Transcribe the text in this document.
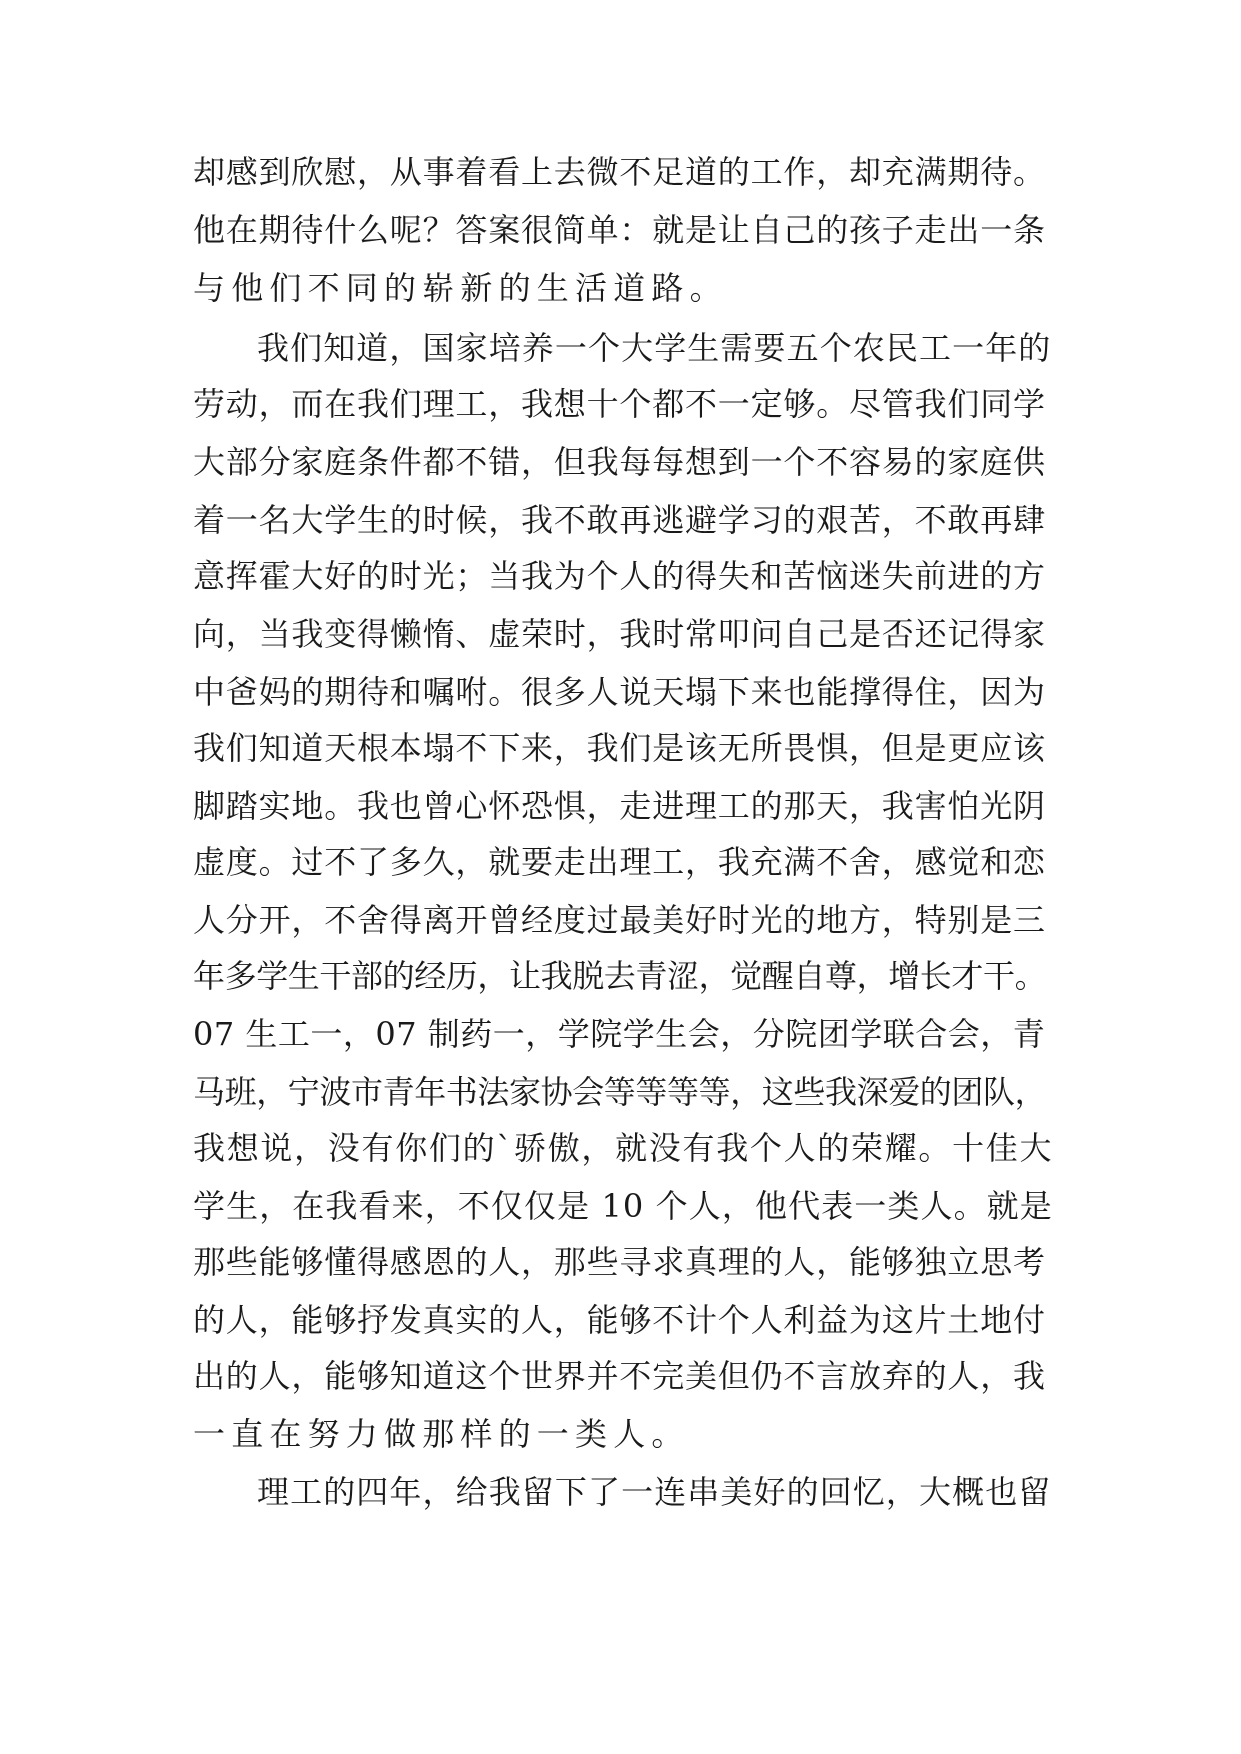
却感到欣慰，从事着看上去微不足道的工作，却充满期待。
他在期待什么呢？答案很简单：就是让自己的孩子走出一条
与他们不同的崭新的生活道路。
我们知道，国家培养一个大学生需要五个农民工一年的
劳动，而在我们理工，我想十个都不一定够。尽管我们同学
大部分家庭条件都不错，但我每每想到一个不容易的家庭供
着一名大学生的时候，我不敢再逃避学习的艰苦，不敢再肆
意挥霍大好的时光；当我为个人的得失和苦恼迷失前进的方
向，当我变得懒惰、虚荣时，我时常叩问自己是否还记得家
中爸妈的期待和嘱咐。很多人说天塌下来也能撑得住，因为
我们知道天根本塌不下来，我们是该无所畏惧，但是更应该
脚踏实地。我也曾心怀恐惧，走进理工的那天，我害怕光阴
虚度。过不了多久，就要走出理工，我充满不舍，感觉和恋
人分开，不舍得离开曾经度过最美好时光的地方，特别是三
年多学生干部的经历，让我脱去青涩，觉醒自尊，增长才干。
07 生工一，07 制药一，学院学生会，分院团学联合会，青
马班，宁波市青年书法家协会等等等等，这些我深爱的团队，
我想说，没有你们的`骄傲，就没有我个人的荣耀。十佳大
学生，在我看来，不仅仅是 10 个人，他代表一类人。就是
那些能够懂得感恩的人，那些寻求真理的人，能够独立思考
的人，能够抒发真实的人，能够不计个人利益为这片土地付
出的人，能够知道这个世界并不完美但仍不言放弃的人，我
一直在努力做那样的一类人。
理工的四年，给我留下了一连串美好的回忆，大概也留
